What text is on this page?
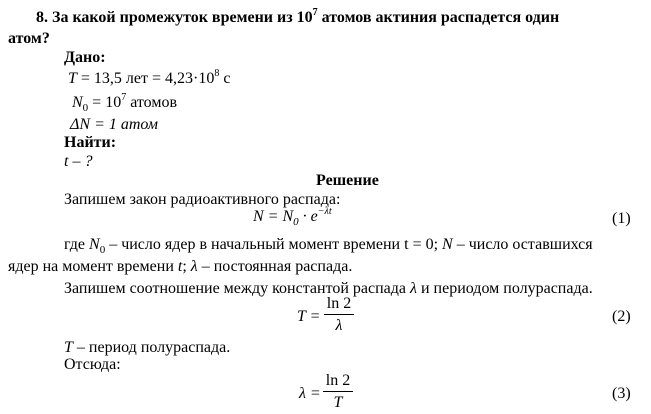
8. За какой промежуток времени из $10^7$ атомов актиния распадется один
атом?
Дано:
T = 13,5 лет = $4,23\cdot 10^8$ с
$N_0 = 10^7$ атомов
ΔN = 1 атом
Найти:
t – ?
Решение
Запишем закон радиоактивного распада:
$N = N_0 \cdot e^{-\lambda t}$	(1)
где $N_0$ – число ядер в начальный момент времени t = 0; N – число оставшихся
ядер на момент времени t; λ – постоянная распада.
Запишем соотношение между константой распада λ и периодом полураспада.
T =
ln 2
λ
(2)
T – период полураспада.
Отсюда:
λ =
ln 2
T
(3)
